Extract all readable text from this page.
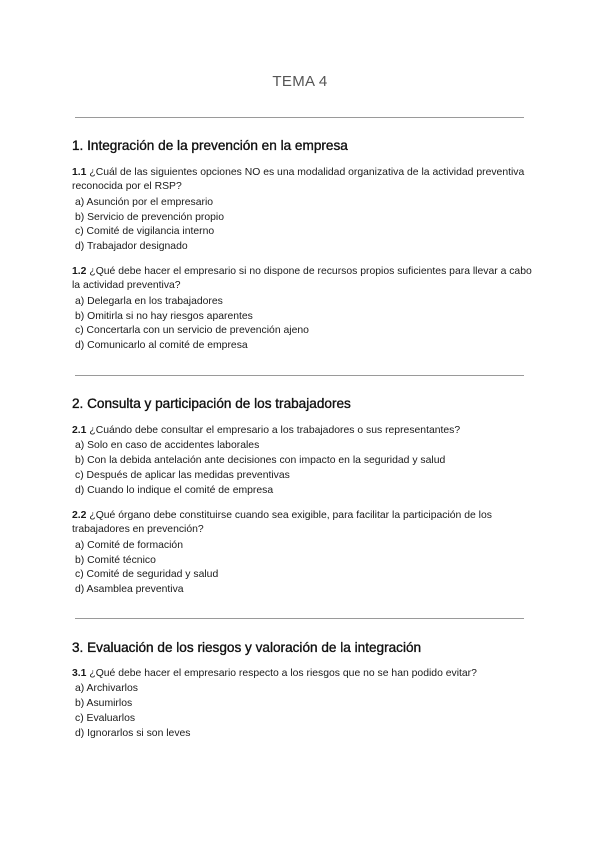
TEMA 4
1. Integración de la prevención en la empresa

1.1 ¿Cuál de las siguientes opciones NO es una modalidad organizativa de la actividad preventiva reconocida por el RSP?

a) Asunción por el empresario
b) Servicio de prevención propio
c) Comité de vigilancia interno
d) Trabajador designado

1.2 ¿Qué debe hacer el empresario si no dispone de recursos propios suficientes para llevar a cabo la actividad preventiva?

a) Delegarla en los trabajadores
b) Omitirla si no hay riesgos aparentes
c) Concertarla con un servicio de prevención ajeno
d) Comunicarlo al comité de empresa
2. Consulta y participación de los trabajadores

2.1 ¿Cuándo debe consultar el empresario a los trabajadores o sus representantes?

a) Solo en caso de accidentes laborales
b) Con la debida antelación ante decisiones con impacto en la seguridad y salud
c) Después de aplicar las medidas preventivas
d) Cuando lo indique el comité de empresa

2.2 ¿Qué órgano debe constituirse cuando sea exigible, para facilitar la participación de los trabajadores en prevención?

a) Comité de formación
b) Comité técnico
c) Comité de seguridad y salud
d) Asamblea preventiva
3. Evaluación de los riesgos y valoración de la integración

3.1 ¿Qué debe hacer el empresario respecto a los riesgos que no se han podido evitar?

a) Archivarlos
b) Asumirlos
c) Evaluarlos
d) Ignorarlos si son leves
